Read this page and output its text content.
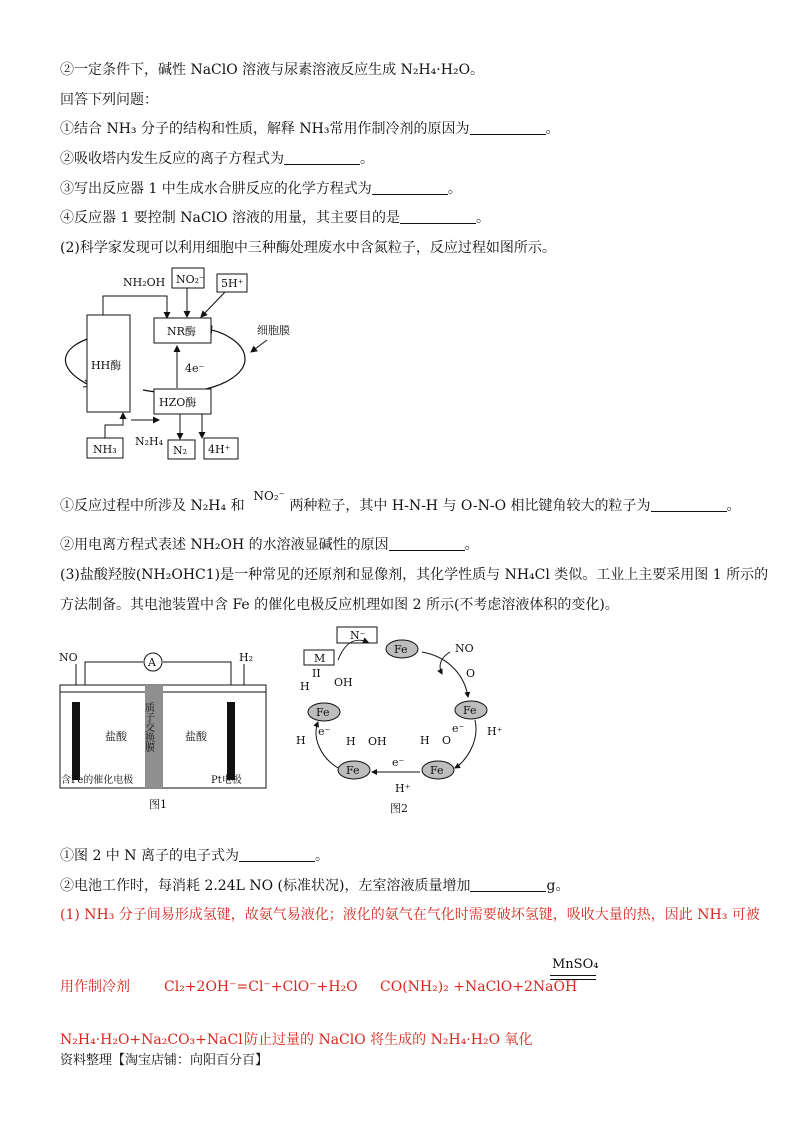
②一定条件下，碱性 NaClO 溶液与尿素溶液反应生成 N₂H₄·H₂O。
回答下列问题：
①结合 NH₃ 分子的结构和性质，解释 NH₃常用作制冷剂的原因为	。
②吸收塔内发生反应的离子方程式为	。
③写出反应器 1 中生成水合肼反应的化学方程式为	。
④反应器 1 要控制 NaClO 溶液的用量，其主要目的是	。
(2)科学家发现可以利用细胞中三种酶处理废水中含氮粒子，反应过程如图所示。
HH酶
NR酶
HZO酶
NH₂OH NO₂⁻ 5H⁺
细胞膜
4e⁻
NH₃
N₂H₄
N₂ 4H⁺
①反应过程中所涉及 N₂H₄ 和  NO₂⁻ 两种粒子，其中 H-N-H 与 O-N-O 相比键角较大的粒子为	。
②用电离方程式表述 NH₂OH 的水溶液显碱性的原因	。
(3)盐酸羟胺(NH₂OHC1)是一种常见的还原剂和显像剂，其化学性质与 NH₄Cl 类似。工业上主要采用图 1 所示的
方法制备。其电池装置中含 Fe 的催化电极反应机理如图 2 所示(不考虑溶液体积的变化)。
NO	H₂
A
盐酸	盐酸
质子交换膜
含Fe的催化电极	Pt电极
图1
N⁻
M
II
Fe	NO
H OH
O
Fe	Fe
H⁺
H
e⁻	e⁻
H OH	H O
Fe	Fe
e⁻
H⁺
图2
①图 2 中 N 离子的电子式为	。
②电池工作时，每消耗 2.24L NO (标准状况)，左室溶液质量增加	g。
(1) NH₃ 分子间易形成氢键，故氨气易液化；液化的氨气在气化时需要破坏氢键，吸收大量的热，因此 NH₃ 可被
用作制冷剂 Cl₂+2OH⁻=Cl⁻+ClO⁻+H₂O CO(NH₂)₂ +NaClO+2NaOH
MnSO₄
N₂H₄·H₂O+Na₂CO₃+NaCl 防止过量的 NaClO 将生成的 N₂H₄·H₂O 氧化
资料整理【淘宝店铺：向阳百分百】
